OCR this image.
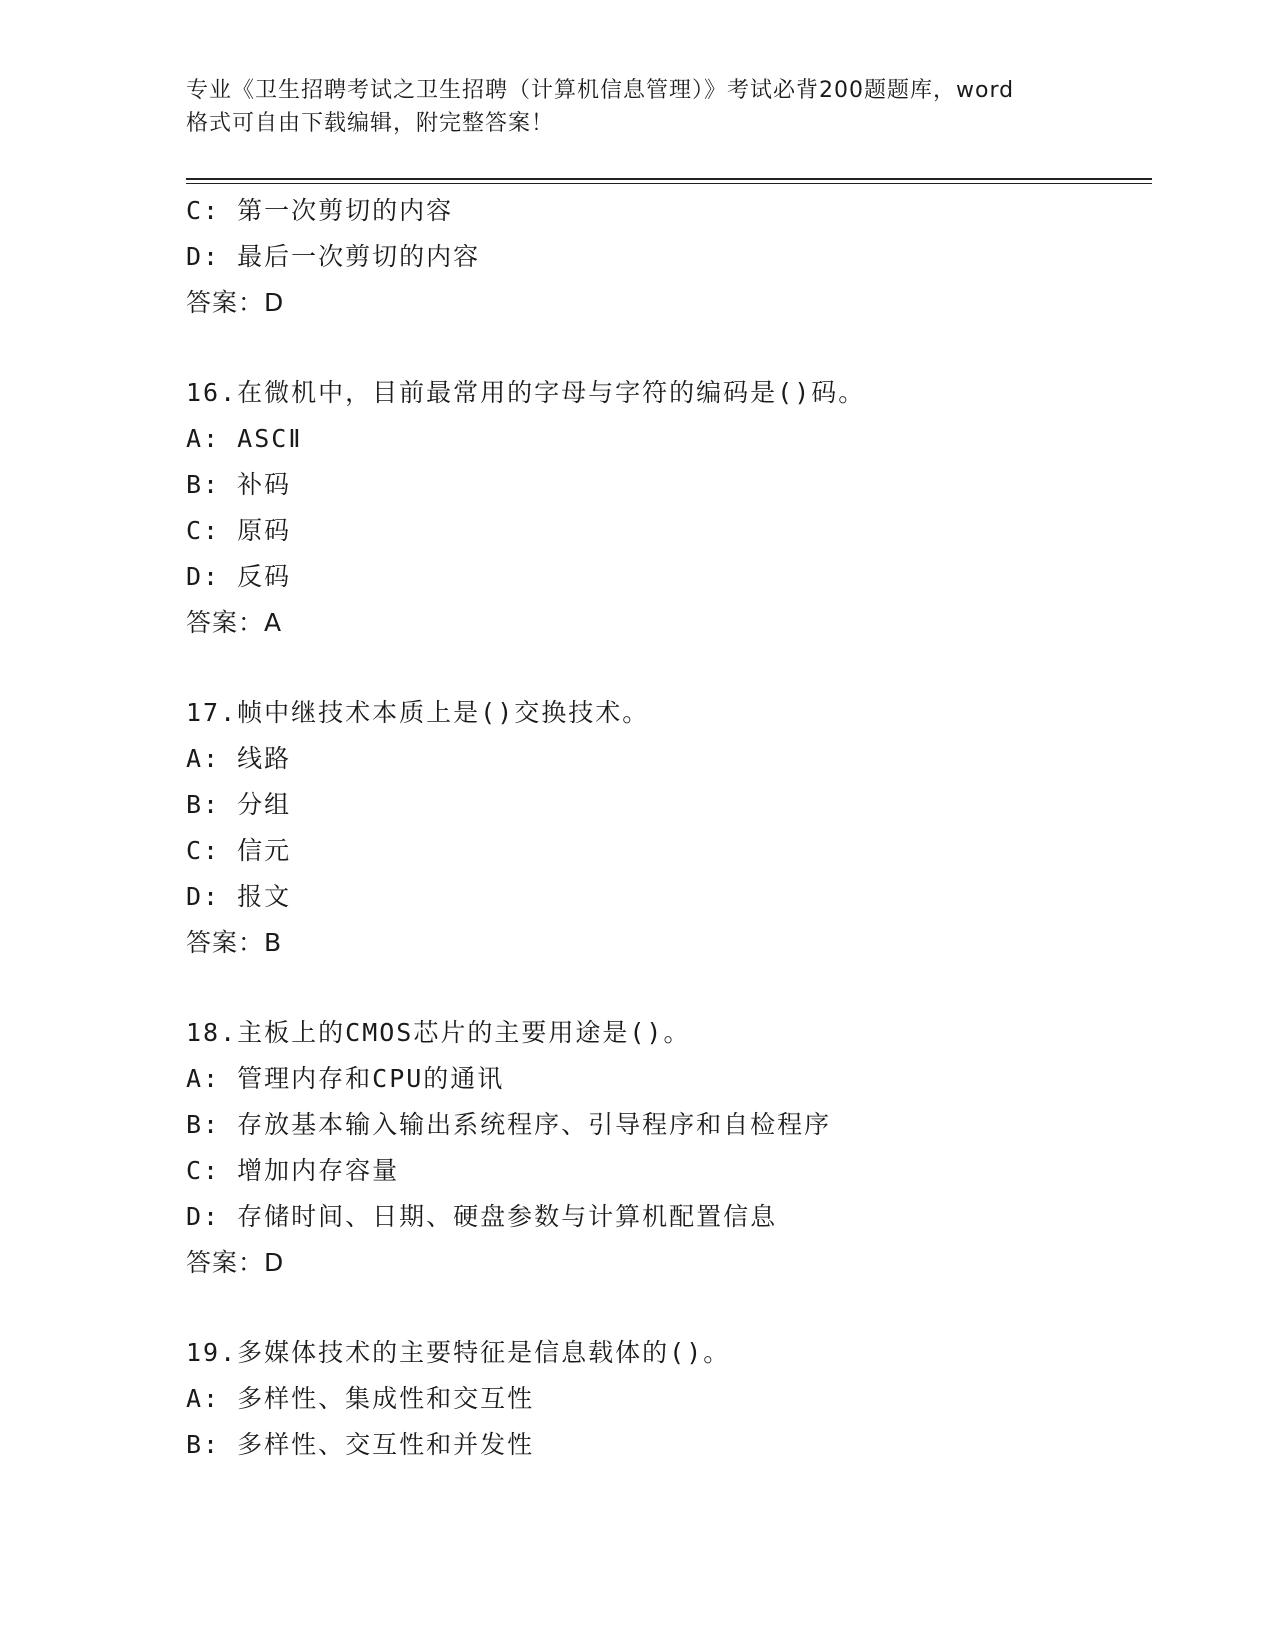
专业《卫生招聘考试之卫生招聘（计算机信息管理）》考试必背200题题库，word
格式可自由下载编辑，附完整答案！
C: 第一次剪切的内容
D: 最后一次剪切的内容
答案：D
16.在微机中，目前最常用的字母与字符的编码是()码。
A: ASCⅡ
B: 补码
C: 原码
D: 反码
答案：A
17.帧中继技术本质上是()交换技术。
A: 线路
B: 分组
C: 信元
D: 报文
答案：B
18.主板上的CMOS芯片的主要用途是()。
A: 管理内存和CPU的通讯
B: 存放基本输入输出系统程序、引导程序和自检程序
C: 增加内存容量
D: 存储时间、日期、硬盘参数与计算机配置信息
答案：D
19.多媒体技术的主要特征是信息载体的()。
A: 多样性、集成性和交互性
B: 多样性、交互性和并发性
